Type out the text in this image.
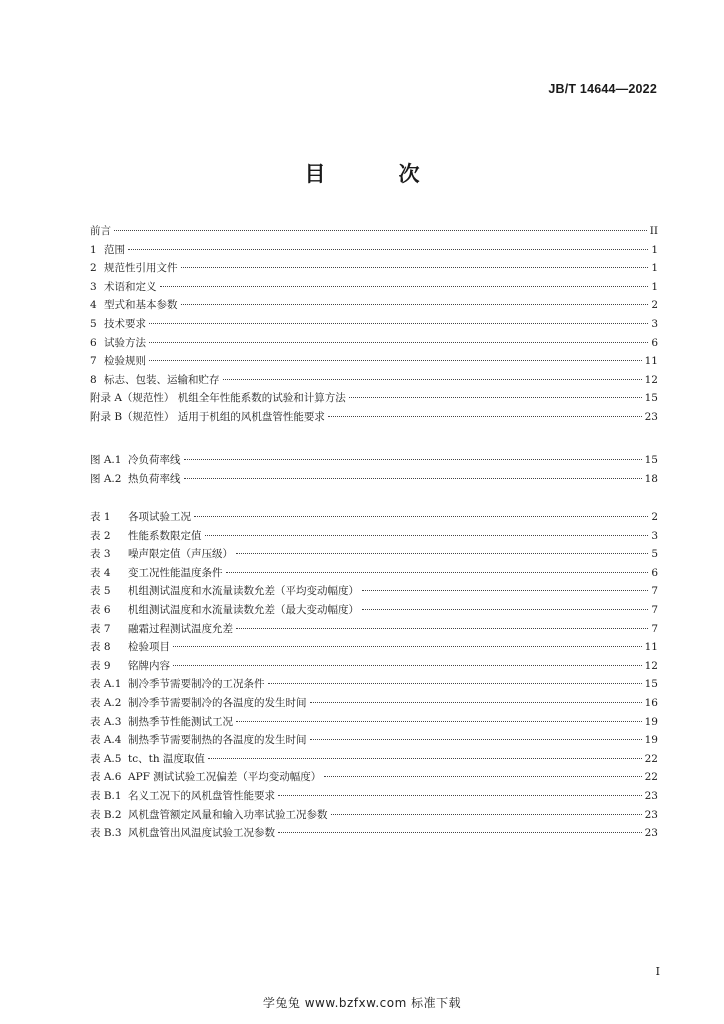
JB/T 14644—2022
目　次
前言	II
1 范围	1
2 规范性引用文件	1
3 术语和定义	1
4 型式和基本参数	2
5 技术要求	3
6 试验方法	6
7 检验规则	11
8 标志、包装、运输和贮存	12
附录 A（规范性） 机组全年性能系数的试验和计算方法	15
附录 B（规范性） 适用于机组的风机盘管性能要求	23
图 A.1 冷负荷率线	15
图 A.2 热负荷率线	18
表 1 各项试验工况	2
表 2 性能系数限定值	3
表 3 噪声限定值（声压级）	5
表 4 变工况性能温度条件	6
表 5 机组测试温度和水流量读数允差（平均变动幅度）	7
表 6 机组测试温度和水流量读数允差（最大变动幅度）	7
表 7 融霜过程测试温度允差	7
表 8 检验项目	11
表 9 铭牌内容	12
表 A.1 制冷季节需要制冷的工况条件	15
表 A.2 制冷季节需要制冷的各温度的发生时间	16
表 A.3 制热季节性能测试工况	19
表 A.4 制热季节需要制热的各温度的发生时间	19
表 A.5 tc、th 温度取值	22
表 A.6 APF 测试试验工况偏差（平均变动幅度）	22
表 B.1 名义工况下的风机盘管性能要求	23
表 B.2 风机盘管额定风量和输入功率试验工况参数	23
表 B.3 风机盘管出风温度试验工况参数	23
I
学兔兔 www.bzfxw.com 标准下载
